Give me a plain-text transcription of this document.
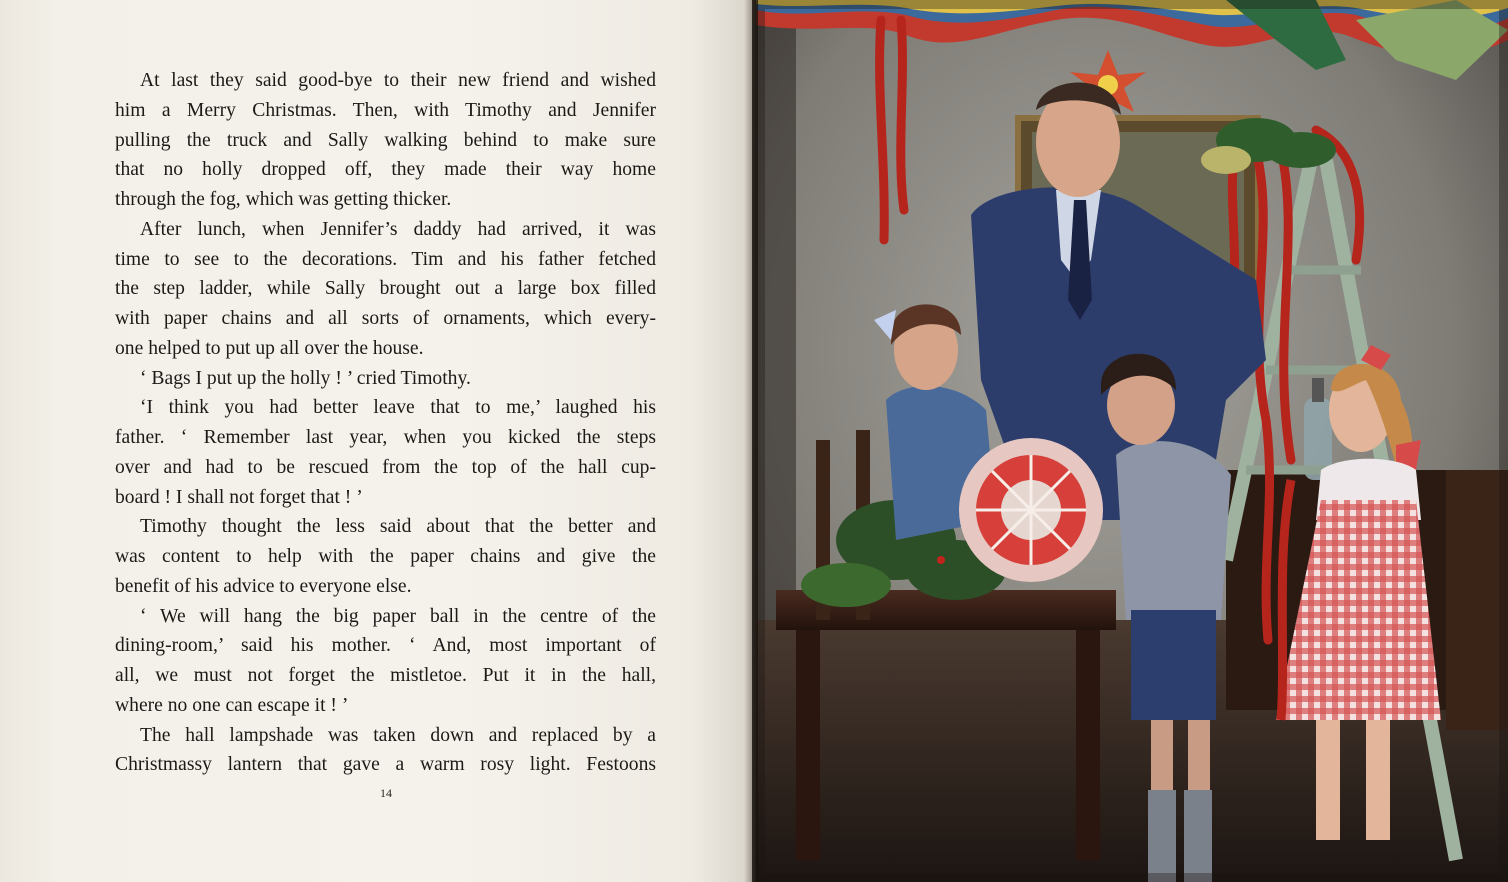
At last they said good-bye to their new friend and wished
him a Merry Christmas. Then, with Timothy and Jennifer
pulling the truck and Sally walking behind to make sure
that no holly dropped off, they made their way home
through the fog, which was getting thicker.
After lunch, when Jennifer’s daddy had arrived, it was
time to see to the decorations. Tim and his father fetched
the step ladder, while Sally brought out a large box filled
with paper chains and all sorts of ornaments, which every-
one helped to put up all over the house.
‘ Bags I put up the holly ! ’ cried Timothy.
‘I think you had better leave that to me,’ laughed his
father. ‘ Remember last year, when you kicked the steps
over and had to be rescued from the top of the hall cup-
board ! I shall not forget that ! ’
Timothy thought the less said about that the better and
was content to help with the paper chains and give the
benefit of his advice to everyone else.
‘ We will hang the big paper ball in the centre of the
dining-room,’ said his mother. ‘ And, most important of
all, we must not forget the mistletoe. Put it in the hall,
where no one can escape it ! ’
The hall lampshade was taken down and replaced by a
Christmassy lantern that gave a warm rosy light. Festoons
14
